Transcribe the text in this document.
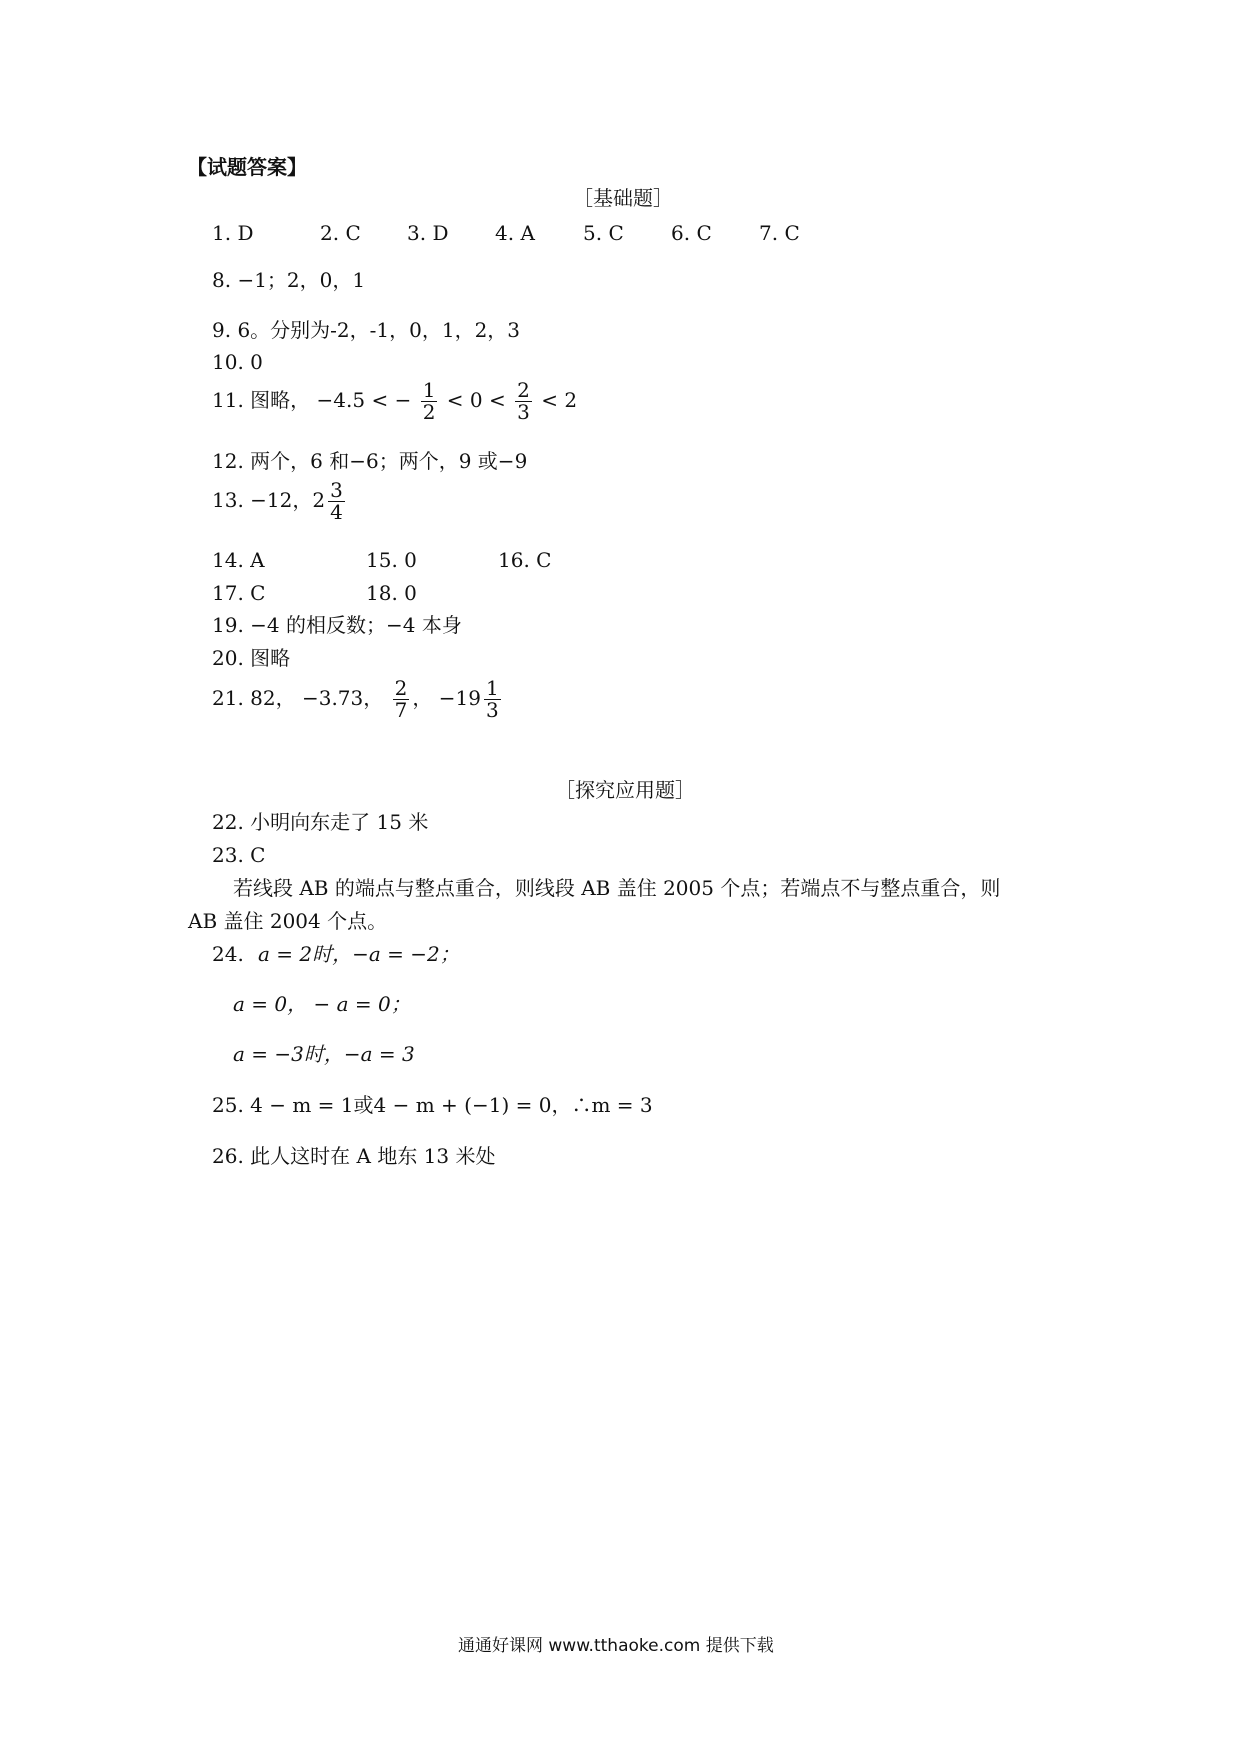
【试题答案】
［基础题］
1. D	2. C 3. D 4. A 5. C 6. C 7. C
8. −1；2，0，1
9. 6。分别为-2，-1，0，1，2，3
10. 0
11. 图略， −4.5 < − $\frac{1}{2} < 0 < \frac{2}{3} < 2$
12. 两个，6 和−6；两个，9 或−9
13. −12，$2 \frac{3}{4}$
14. A	15. 0	16. C
17. C	18. 0
19. −4 的相反数；−4 本身
20. 图略
21. 82， −3.73， $\frac{2}{7}$ ， $-19 \frac{1}{3}$
［探究应用题］
22. 小明向东走了 15 米
23. C
若线段 AB 的端点与整点重合，则线段 AB 盖住 2005 个点；若端点不与整点重合，则
AB 盖住 2004 个点。
24. a = 2时，−a = −2；
a = 0， − a = 0；
a = −3时，−a = 3
25. 4 − m = 1或4 − m + (−1) = 0，∴m = 3
26. 此人这时在 A 地东 13 米处
通通好课网 www.tthaoke.com 提供下载
